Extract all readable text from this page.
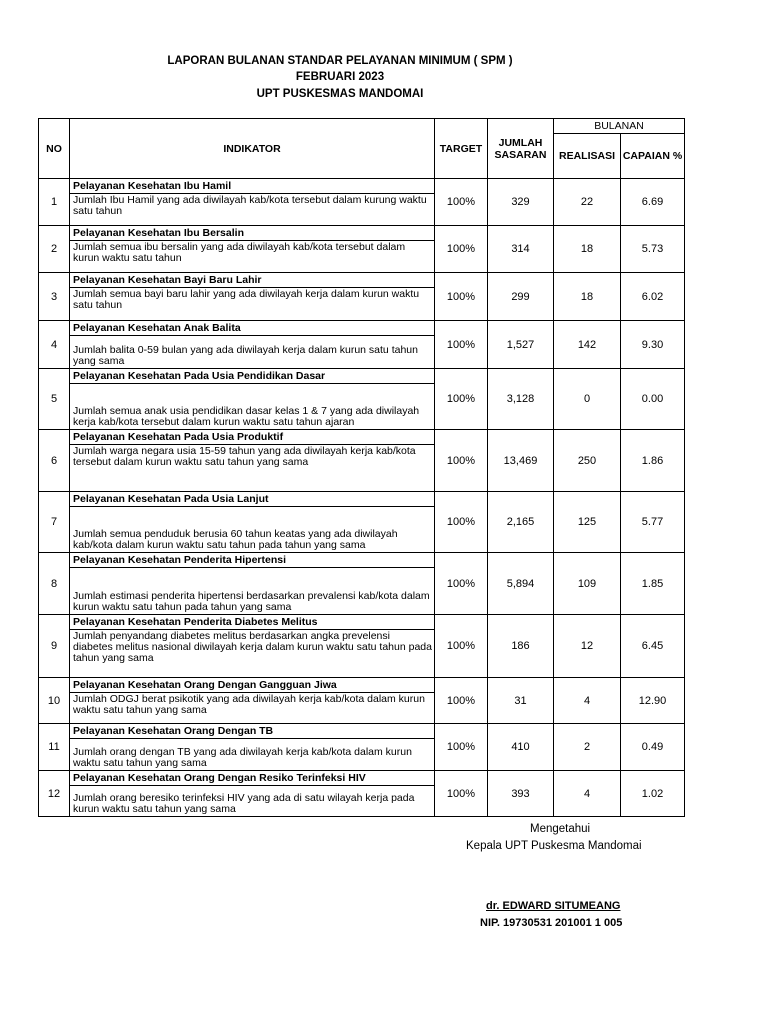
LAPORAN BULANAN STANDAR PELAYANAN MINIMUM ( SPM )
FEBRUARI 2023
UPT PUSKESMAS MANDOMAI
NO	INDIKATOR	TARGET	JUMLAH SASARAN	BULANAN	
				REALISASI	CAPAIAN %
1	Pelayanan Kesehatan Ibu Hamil
Jumlah Ibu Hamil yang ada diwilayah kab/kota tersebut dalam kurung waktu satu tahun	100%	329	22	6.69
2	Pelayanan Kesehatan Ibu Bersalin
Jumlah semua ibu bersalin yang ada diwilayah kab/kota tersebut dalam kurun waktu satu tahun	100%	314	18	5.73
3	Pelayanan Kesehatan Bayi Baru Lahir
Jumlah semua bayi baru lahir yang ada diwilayah kerja dalam kurun waktu satu tahun	100%	299	18	6.02
4	Pelayanan Kesehatan Anak Balita
Jumlah balita 0-59 bulan yang ada diwilayah kerja dalam kurun satu tahun yang sama	100%	1,527	142	9.30
5	Pelayanan Kesehatan Pada Usia Pendidikan Dasar
Jumlah semua anak usia pendidikan dasar kelas 1 & 7 yang ada diwilayah kerja kab/kota tersebut dalam kurun waktu satu tahun ajaran	100%	3,128	0	0.00
6	Pelayanan Kesehatan Pada Usia Produktif
Jumlah warga negara usia 15-59 tahun yang ada diwilayah kerja kab/kota tersebut dalam kurun waktu satu tahun yang sama	100%	13,469	250	1.86
7	Pelayanan Kesehatan Pada Usia Lanjut
Jumlah semua penduduk berusia 60 tahun keatas yang ada diwilayah kab/kota dalam kurun waktu satu tahun pada tahun yang sama	100%	2,165	125	5.77
8	Pelayanan Kesehatan Penderita Hipertensi
Jumlah estimasi penderita hipertensi berdasarkan prevalensi kab/kota dalam kurun waktu satu tahun pada tahun yang sama	100%	5,894	109	1.85
9	Pelayanan Kesehatan Penderita Diabetes Melitus
Jumlah penyandang diabetes melitus berdasarkan angka prevelensi diabetes melitus nasional diwilayah kerja dalam kurun waktu satu tahun pada tahun yang sama	100%	186	12	6.45
10	Pelayanan Kesehatan Orang Dengan Gangguan Jiwa
Jumlah ODGJ berat psikotik yang ada diwilayah kerja kab/kota dalam kurun waktu satu tahun yang sama	100%	31	4	12.90
11	Pelayanan Kesehatan Orang Dengan TB
Jumlah orang dengan TB yang ada diwilayah kerja kab/kota dalam kurun waktu satu tahun yang sama	100%	410	2	0.49
12	Pelayanan Kesehatan Orang Dengan Resiko Terinfeksi HIV
Jumlah orang beresiko terinfeksi HIV yang ada di satu wilayah kerja pada kurun waktu satu tahun yang sama	100%	393	4	1.02
Mengetahui
Kepala UPT Puskesma Mandomai
dr. EDWARD SITUMEANG
NIP. 19730531 201001 1 005
